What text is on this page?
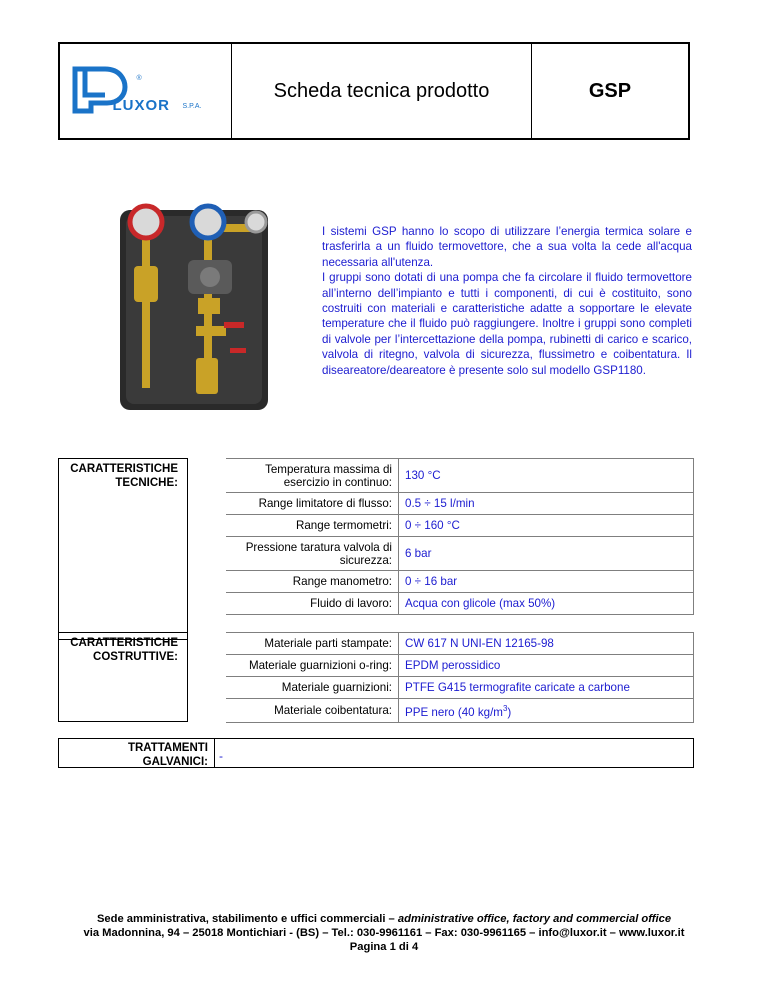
®
LUXOR S.P.A.
Scheda tecnica prodotto	GSP

I sistemi GSP hanno lo scopo di utilizzare l’energia termica solare e trasferirla a un fluido termovettore, che a sua volta la cede all'acqua necessaria all'utenza.

I gruppi sono dotati di una pompa che fa circolare il fluido termovettore all’interno dell’impianto e tutti i componenti, di cui è costituito, sono costruiti con materiali e caratteristiche adatte a sopportare le elevate temperature che il fluido può raggiungere. Inoltre i gruppi sono completi di valvole per l’intercettazione della pompa, rubinetti di carico e scarico, valvola di ritegno, valvola di sicurezza, flussimetro e coibentatura. Il diseareatore/deareatore è presente solo sul modello GSP1180.

CARATTERISTICHE
TECNICHE:
Temperatura massima di esercizio in continuo:	130 °C
Range limitatore di flusso:	0.5 ÷ 15 l/min
Range termometri:	0 ÷ 160 °C
Pressione taratura valvola di sicurezza:	6 bar
Range manometro:	0 ÷ 16 bar
Fluido di lavoro:	Acqua con glicole (max 50%)
CARATTERISTICHE
COSTRUTTIVE:
Materiale parti stampate:	CW 617 N UNI-EN 12165-98
Materiale guarnizioni o-ring:	EPDM perossidico
Materiale guarnizioni:	PTFE G415 termografite caricate a carbone
Materiale coibentatura:	PPE nero (40 $kg/m^3$)
TRATTAMENTI
GALVANICI: -
Sede amministrativa, stabilimento e uffici commerciali – administrative office, factory and commercial office
via Madonnina, 94 – 25018 Montichiari - (BS) – Tel.: 030-9961161 – Fax: 030-9961165 – info@luxor.it – www.luxor.it
Pagina 1 di 4
